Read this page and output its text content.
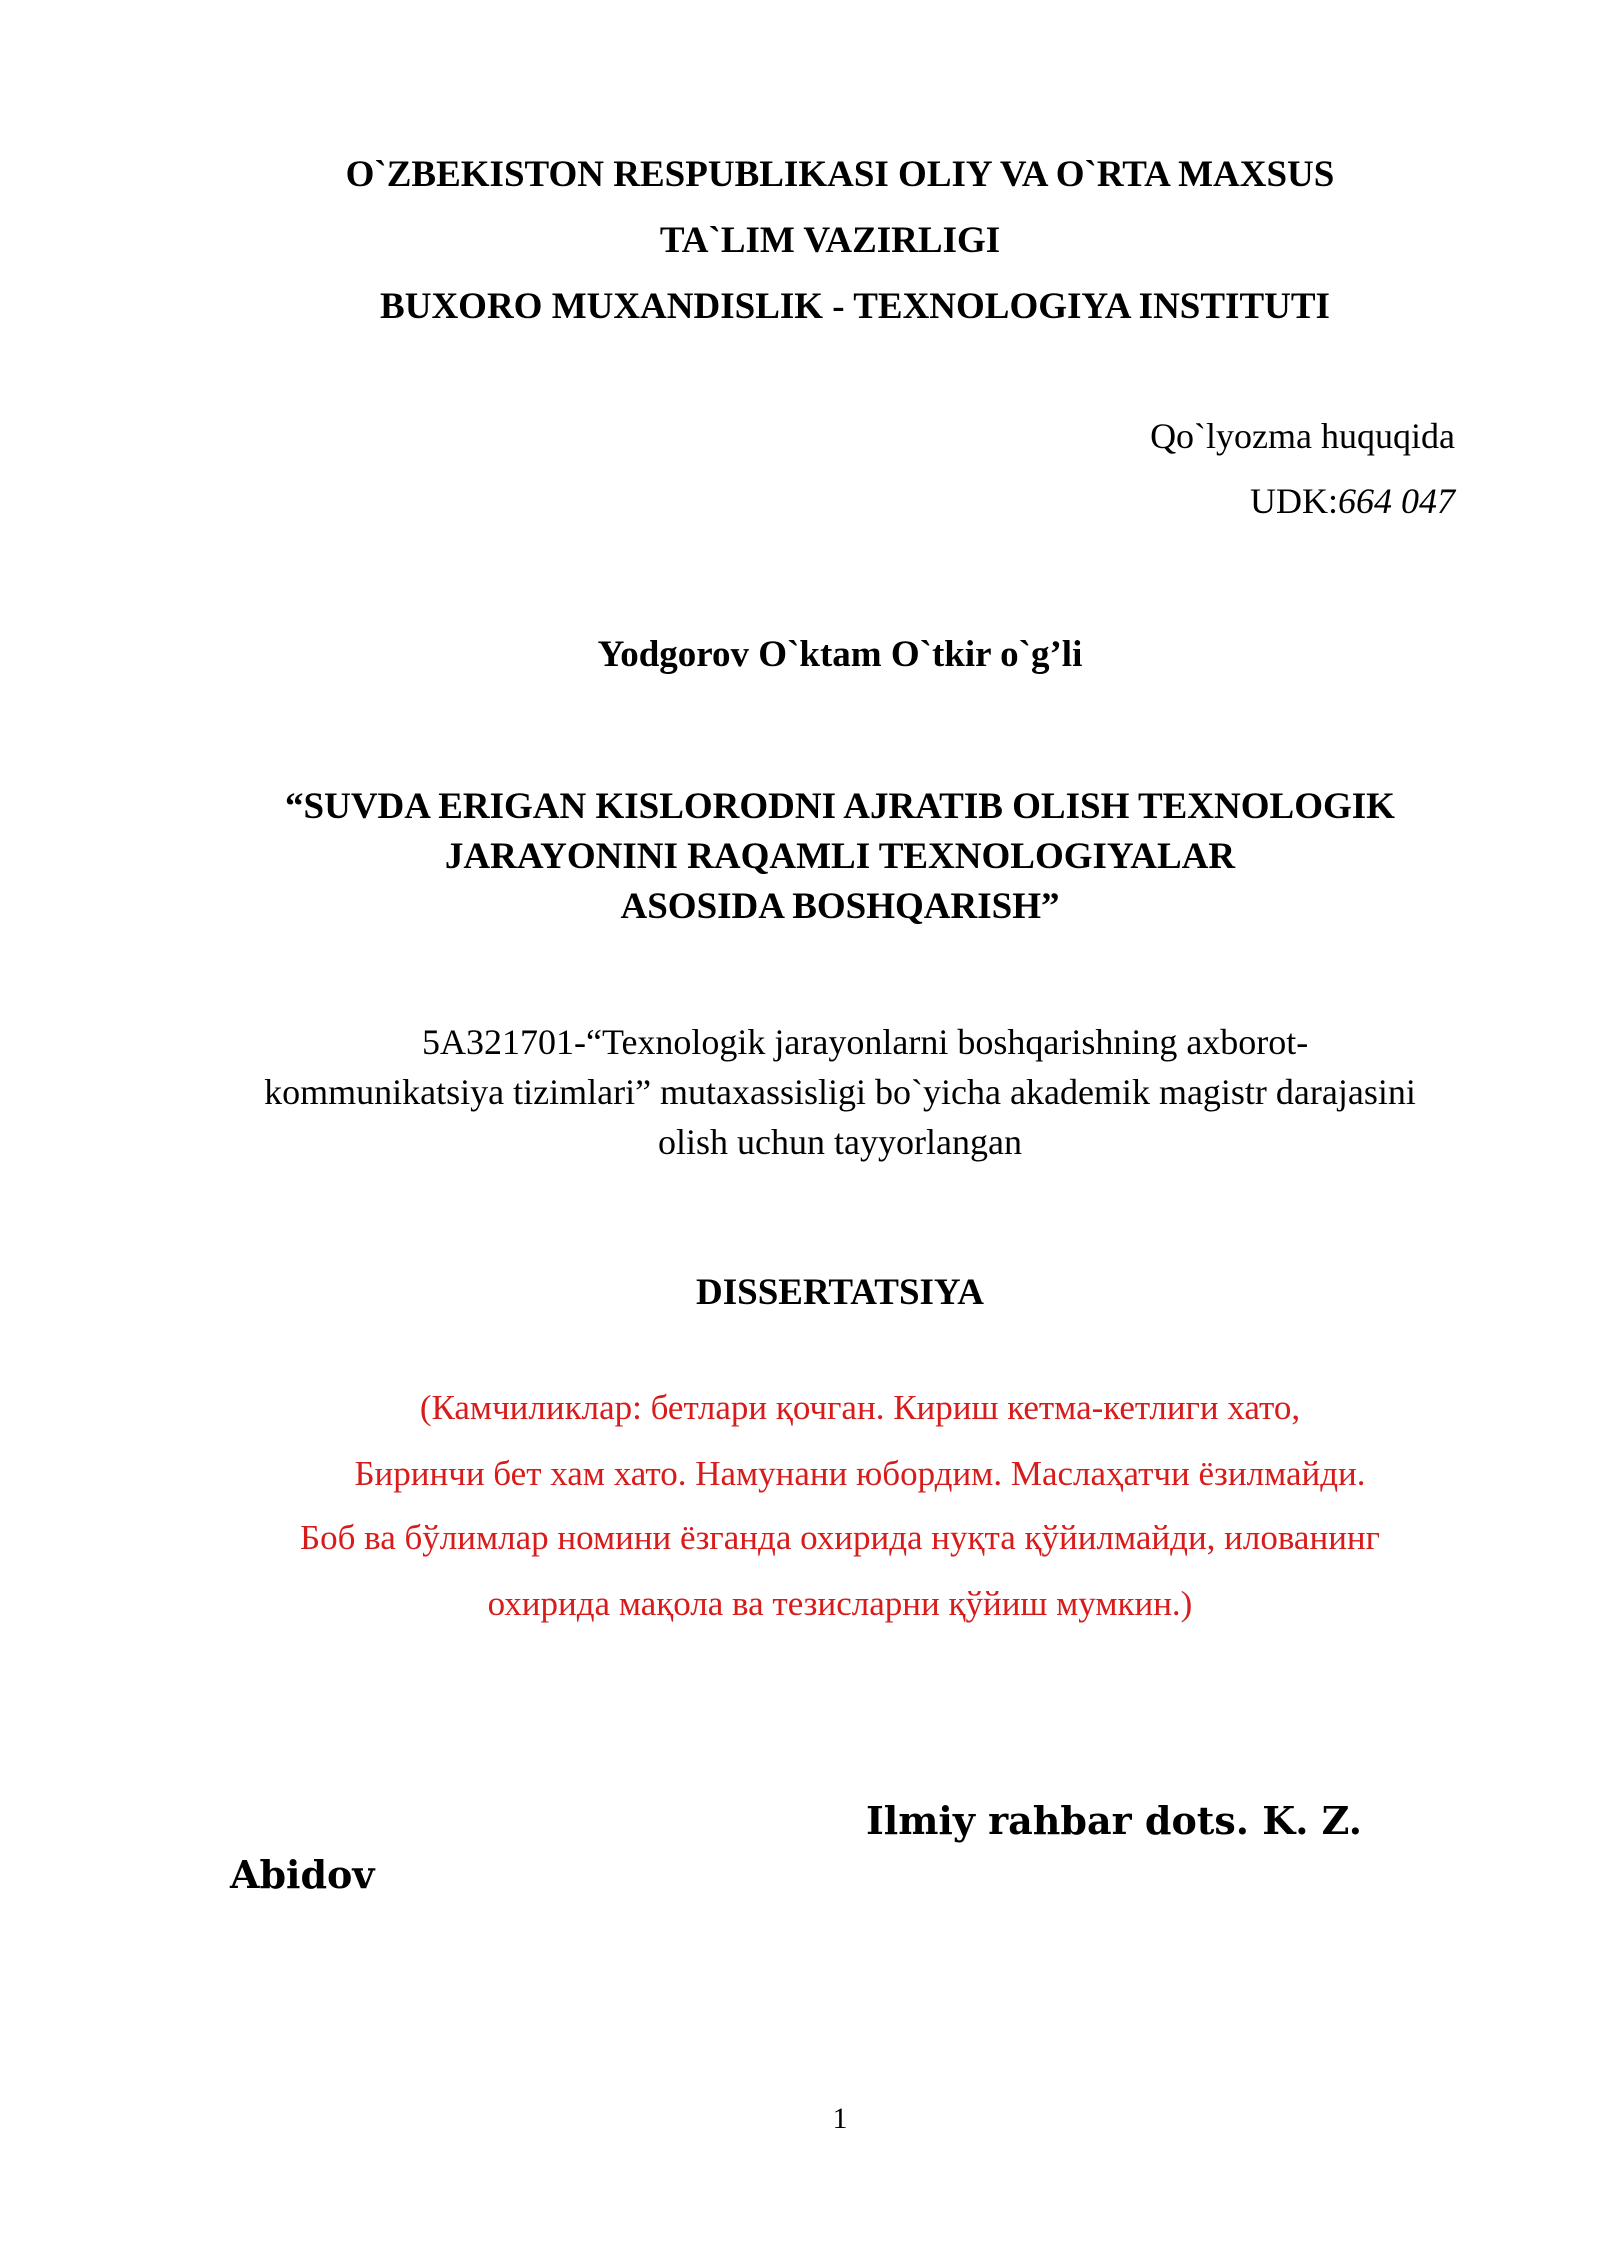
O`ZBEKISTON RESPUBLIKASI OLIY VA O`RTA MAXSUS
TA`LIM VAZIRLIGI
BUXORO MUXANDISLIK - TEXNOLOGIYA INSTITUTI
Qo`lyozma huquqida
UDK:664 047
Yodgorov O`ktam O`tkir o`g’li
“SUVDA ERIGAN KISLORODNI AJRATIB OLISH TEXNOLOGIK
JARAYONINI RAQAMLI TEXNOLOGIYALAR
ASOSIDA BOSHQARISH”
5A321701-“Texnologik jarayonlarni boshqarishning axborot-
kommunikatsiya tizimlari” mutaxassisligi bo`yicha akademik magistr darajasini
olish uchun tayyorlangan
DISSERTATSIYA
(Камчиликлар: бетлари қочган. Кириш кетма-кетлиги хато,
Биринчи бет хам хато. Намунани юбордим. Маслаҳатчи ёзилмайди.
Боб ва бўлимлар номини ёзганда охирида нуқта қўйилмайди, илованинг
охирида мақола ва тезисларни қўйиш мумкин.)
Ilmiy rahbar dots. K. Z.
Abidov
1
